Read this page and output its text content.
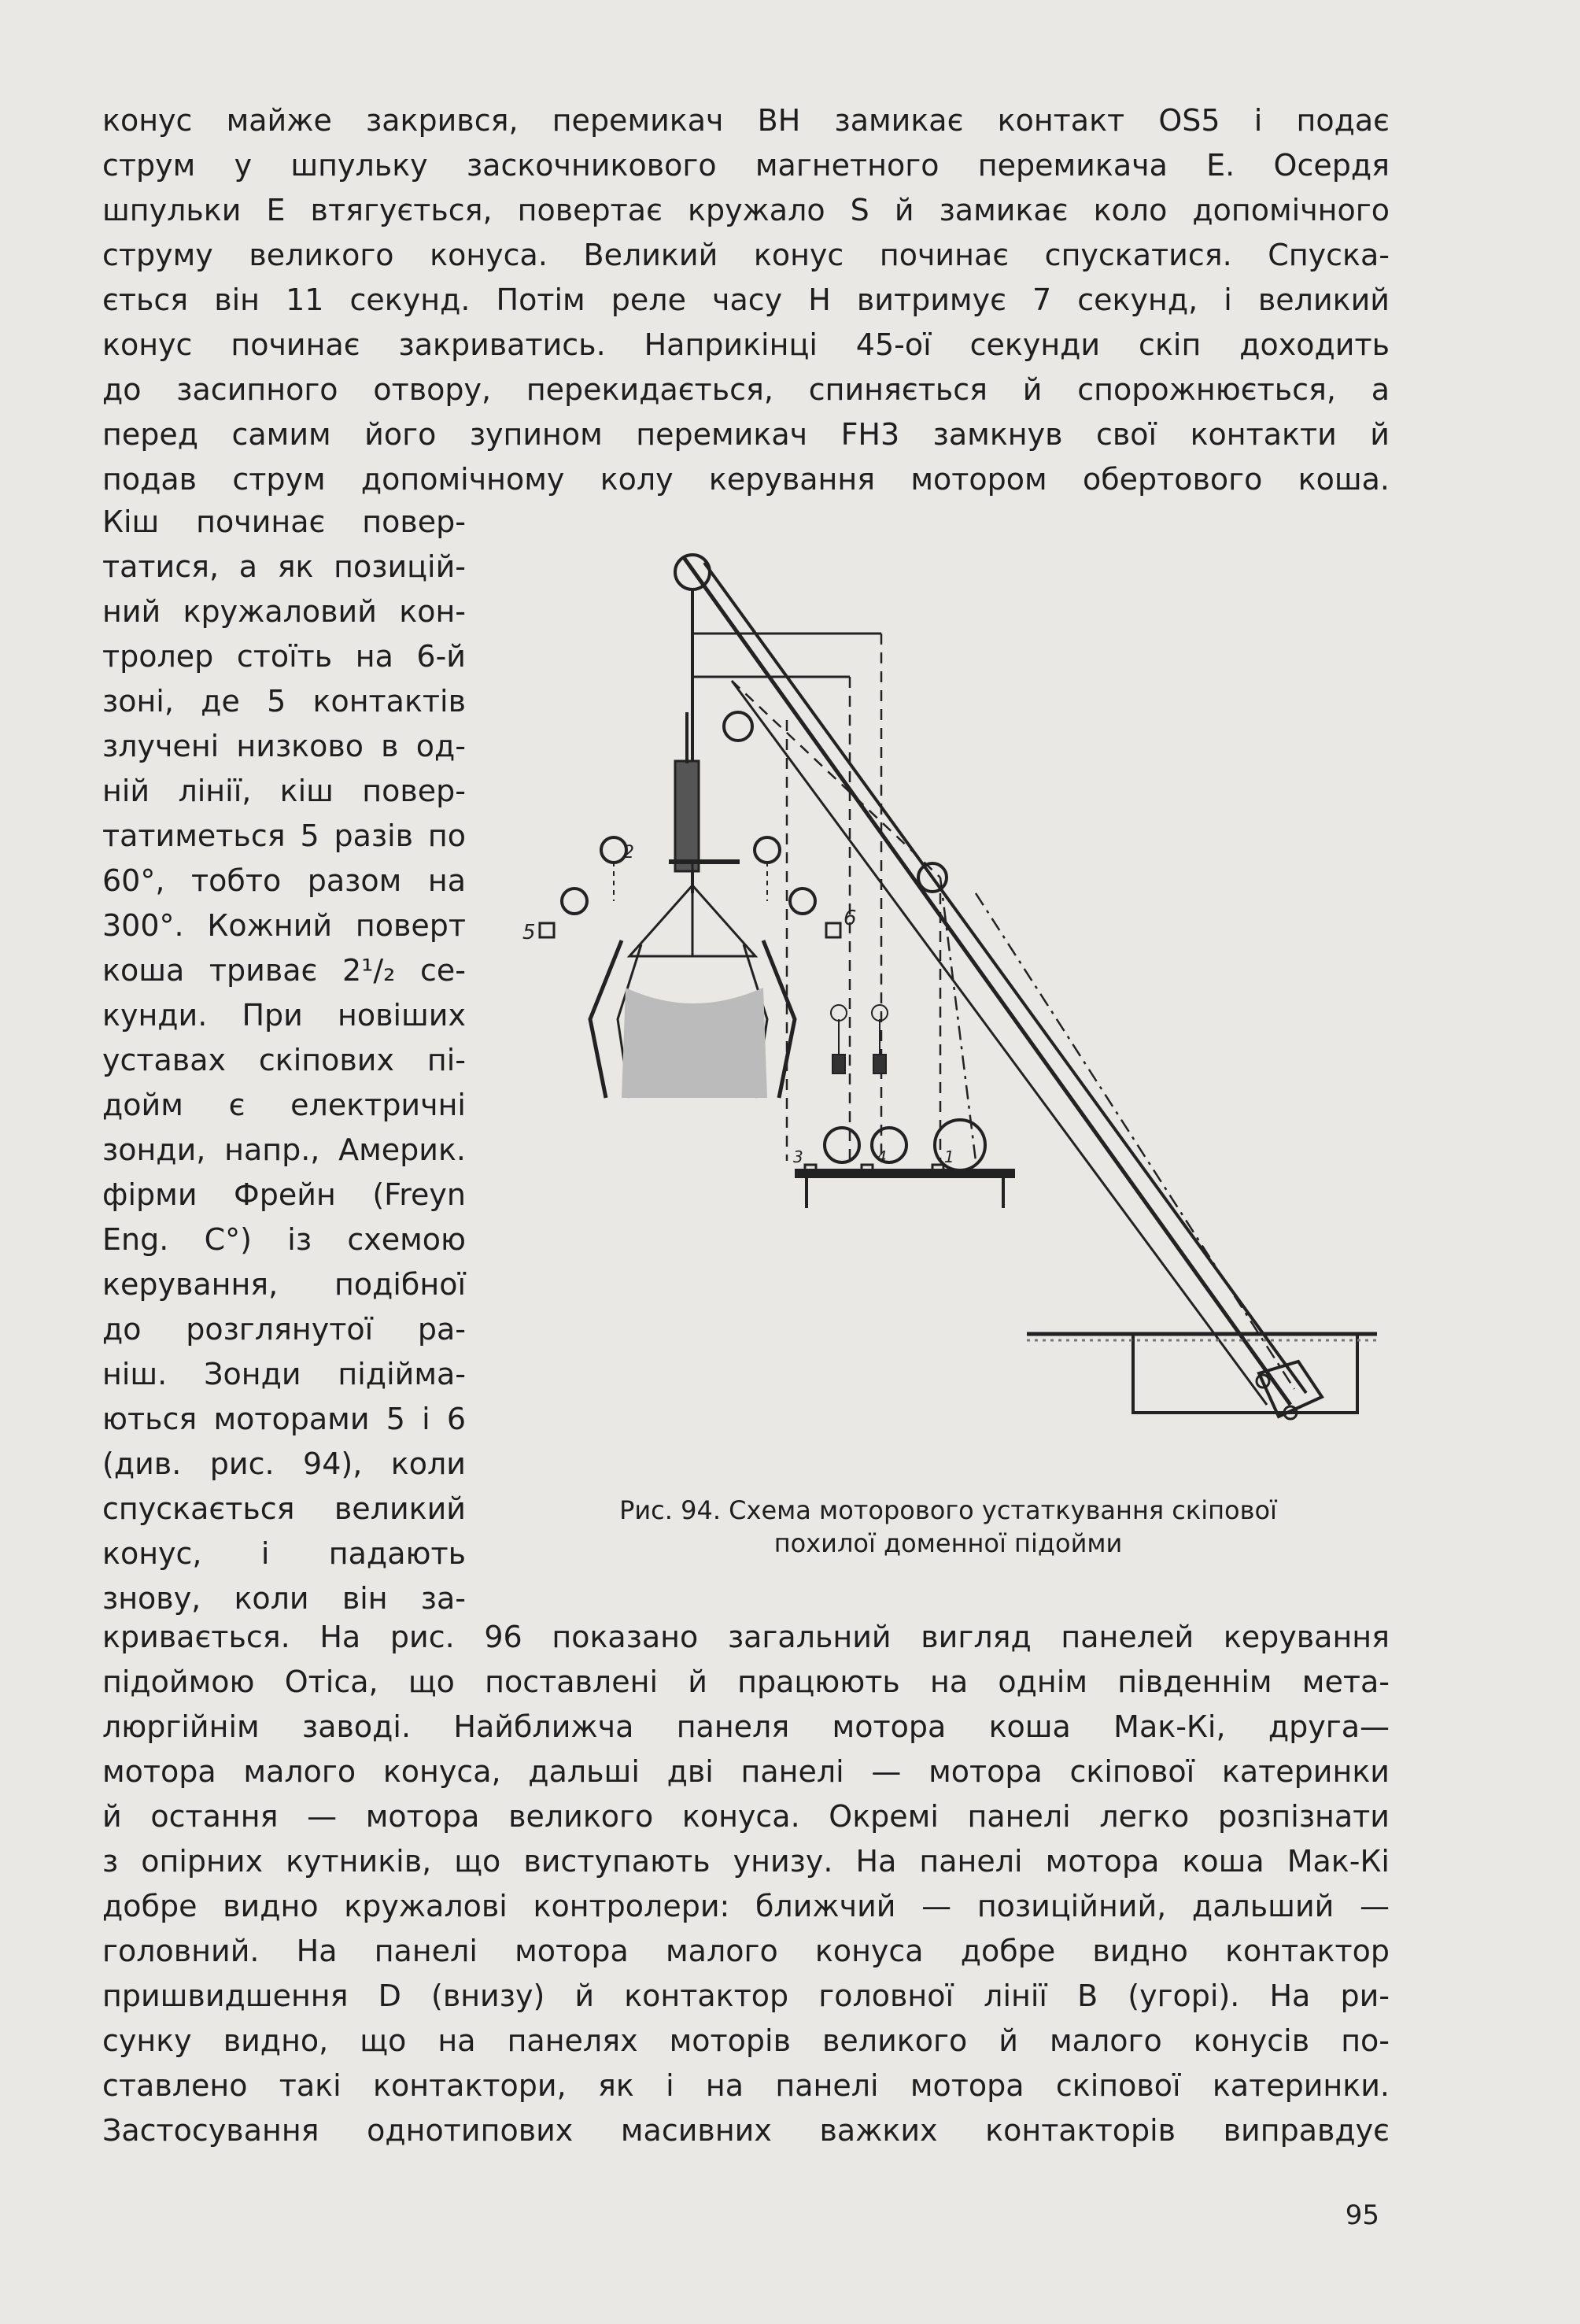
конус майже закрився, перемикач BH замикає контакт OS5 і подає
струм у шпульку заскочникового магнетного перемикача E. Осердя
шпульки E втягується, повертає кружало S й замикає коло допомічного
струму великого конуса. Великий конус починає спускатися. Спуска-
ється він 11 секунд. Потім реле часу H витримує 7 секунд, і великий
конус починає закриватись. Наприкінці 45-ої секунди скіп доходить
до засипного отвору, перекидається, спиняється й спорожнюється, а
перед самим його зупином перемикач FH3 замкнув свої контакти й
подав струм допомічному колу керування мотором обертового коша.
Кіш починає повер-
татися, а як позицій-
ний кружаловий кон-
тролер стоїть на 6-й
зоні, де 5 контактів
злучені низково в од-
ній лінії, кіш повер-
татиметься 5 разів по
60°, тобто разом на
300°. Кожний поверт
коша триває 2¹/₂ се-
кунди. При новіших
уставах скіпових пі-
дойм є електричні
зонди, напр., Америк.
фірми Фрейн (Freyn
Eng. C°) із схемою
керування, подібної
до розглянутої ра-
ніш. Зонди підійма-
ються моторами 5 і 6
(див. рис. 94), коли
спускається великий
конус, і падають
знову, коли він за-
5
6
2
3	4	1
Рис. 94. Схема моторового устаткування скіпової
похилої доменної підойми
кривається. На рис. 96 показано загальний вигляд панелей керування
підоймою Отіса, що поставлені й працюють на однім південнім мета-
люргійнім заводі. Найближча панеля мотора коша Мак-Кі, друга—
мотора малого конуса, дальші дві панелі — мотора скіпової катеринки
й остання — мотора великого конуса. Окремі панелі легко розпізнати
з опірних кутників, що виступають унизу. На панелі мотора коша Мак-Кі
добре видно кружалові контролери: ближчий — позиційний, дальший —
головний. На панелі мотора малого конуса добре видно контактор
пришвидшення D (внизу) й контактор головної лінії B (угорі). На ри-
сунку видно, що на панелях моторів великого й малого конусів по-
ставлено такі контактори, як і на панелі мотора скіпової катеринки.
Застосування однотипових масивних важких контакторів виправдує
95
